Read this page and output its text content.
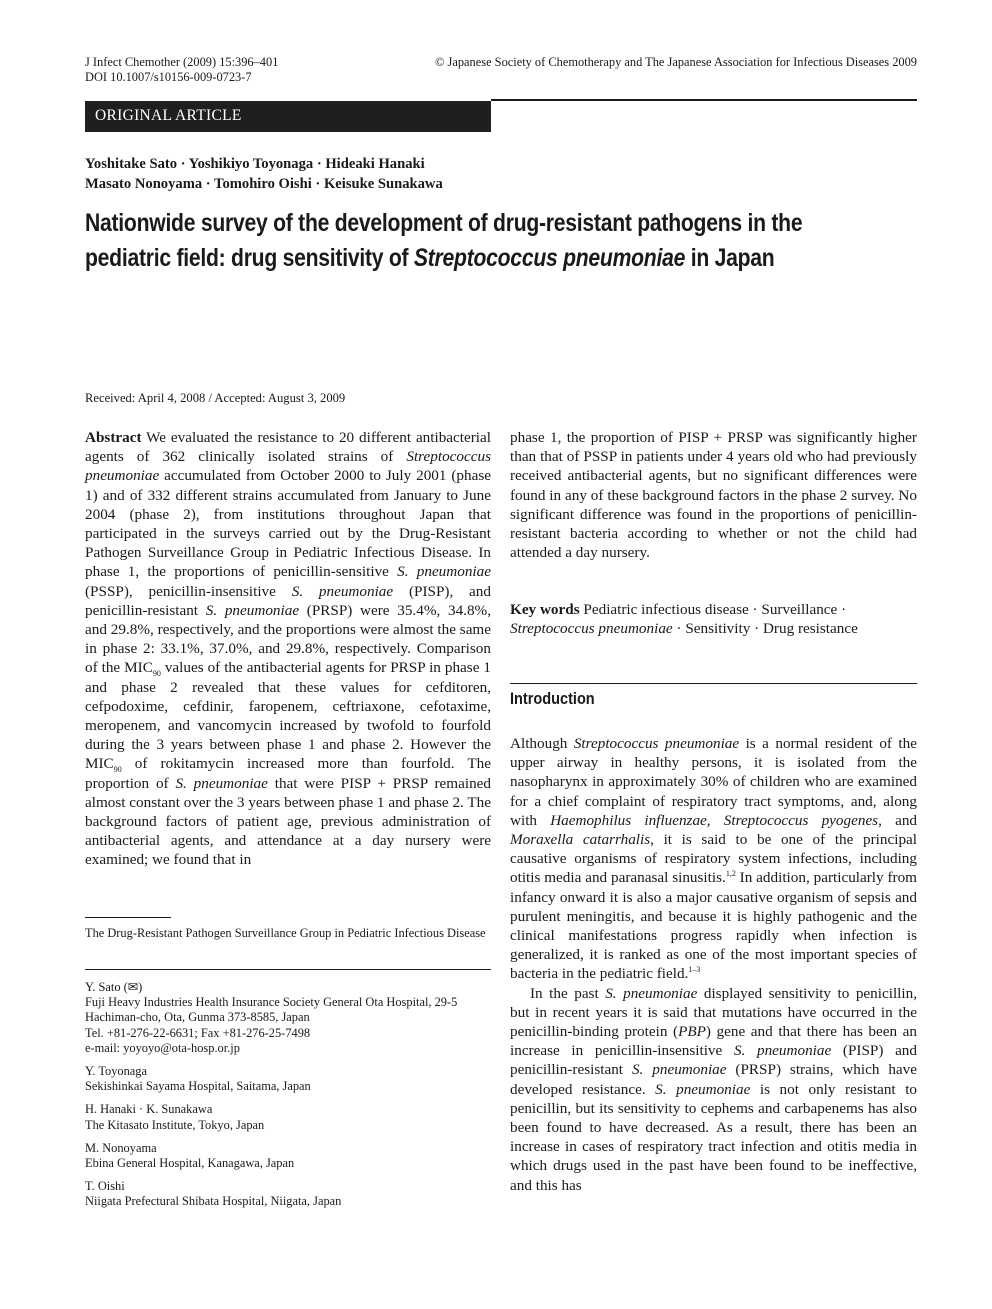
J Infect Chemother (2009) 15:396–401
DOI 10.1007/s10156-009-0723-7
© Japanese Society of Chemotherapy and The Japanese Association for Infectious Diseases 2009
ORIGINAL ARTICLE
Yoshitake Sato · Yoshikiyo Toyonaga · Hideaki Hanaki
Masato Nonoyama · Tomohiro Oishi · Keisuke Sunakawa
Nationwide survey of the development of drug-resistant pathogens in the
pediatric field: drug sensitivity of Streptococcus pneumoniae in Japan
Received: April 4, 2008 / Accepted: August 3, 2009

Abstract We evaluated the resistance to 20 different antibacterial agents of 362 clinically isolated strains of Streptococcus pneumoniae accumulated from October 2000 to July 2001 (phase 1) and of 332 different strains accumulated from January to June 2004 (phase 2), from institutions throughout Japan that participated in the surveys carried out by the Drug-Resistant Pathogen Surveillance Group in Pediatric Infectious Disease. In phase 1, the proportions of penicillin-sensitive S. pneumoniae (PSSP), penicillin-insensitive S. pneumoniae (PISP), and penicillin-resistant S. pneumoniae (PRSP) were 35.4%, 34.8%, and 29.8%, respectively, and the proportions were almost the same in phase 2: 33.1%, 37.0%, and 29.8%, respectively. Comparison of the $MIC_{90}$ values of the antibacterial agents for PRSP in phase 1 and phase 2 revealed that these values for cefditoren, cefpodoxime, cefdinir, faropenem, ceftriaxone, cefotaxime, meropenem, and vancomycin increased by twofold to fourfold during the 3 years between phase 1 and phase 2. However the $MIC_{90}$ of rokitamycin increased more than fourfold. The proportion of S. pneumoniae that were PISP + PRSP remained almost constant over the 3 years between phase 1 and phase 2. The background factors of patient age, previous administration of antibacterial agents, and attendance at a day nursery were examined; we found that in

phase 1, the proportion of PISP + PRSP was significantly higher than that of PSSP in patients under 4 years old who had previously received antibacterial agents, but no significant differences were found in any of these background factors in the phase 2 survey. No significant difference was found in the proportions of penicillin-resistant bacteria according to whether or not the child had attended a day nursery.

Key words Pediatric infectious disease · Surveillance · Streptococcus pneumoniae · Sensitivity · Drug resistance

The Drug-Resistant Pathogen Surveillance Group in Pediatric Infectious Disease
Y. Sato (✉)
Fuji Heavy Industries Health Insurance Society General Ota Hospital, 29-5 Hachiman-cho, Ota, Gunma 373-8585, Japan
Tel. +81-276-22-6631; Fax +81-276-25-7498
e-mail: yoyoyo@ota-hosp.or.jp
Y. Toyonaga
Sekishinkai Sayama Hospital, Saitama, Japan
H. Hanaki · K. Sunakawa
The Kitasato Institute, Tokyo, Japan
M. Nonoyama
Ebina General Hospital, Kanagawa, Japan
T. Oishi
Niigata Prefectural Shibata Hospital, Niigata, Japan
Introduction

Although Streptococcus pneumoniae is a normal resident of the upper airway in healthy persons, it is isolated from the nasopharynx in approximately 30% of children who are examined for a chief complaint of respiratory tract symptoms, and, along with Haemophilus influenzae, Streptococcus pyogenes, and Moraxella catarrhalis, it is said to be one of the principal causative organisms of respiratory system infections, including otitis media and paranasal sinusitis.$^{1,2}$ In addition, particularly from infancy onward it is also a major causative organism of sepsis and purulent meningitis, and because it is highly pathogenic and the clinical manifestations progress rapidly when infection is generalized, it is ranked as one of the most important species of bacteria in the pediatric field.$^{1-3}$

In the past S. pneumoniae displayed sensitivity to penicillin, but in recent years it is said that mutations have occurred in the penicillin-binding protein (PBP) gene and that there has been an increase in penicillin-insensitive S. pneumoniae (PISP) and penicillin-resistant S. pneumoniae (PRSP) strains, which have developed resistance. S. pneumoniae is not only resistant to penicillin, but its sensitivity to cephems and carbapenems has also been found to have decreased. As a result, there has been an increase in cases of respiratory tract infection and otitis media in which drugs used in the past have been found to be ineffective, and this has
